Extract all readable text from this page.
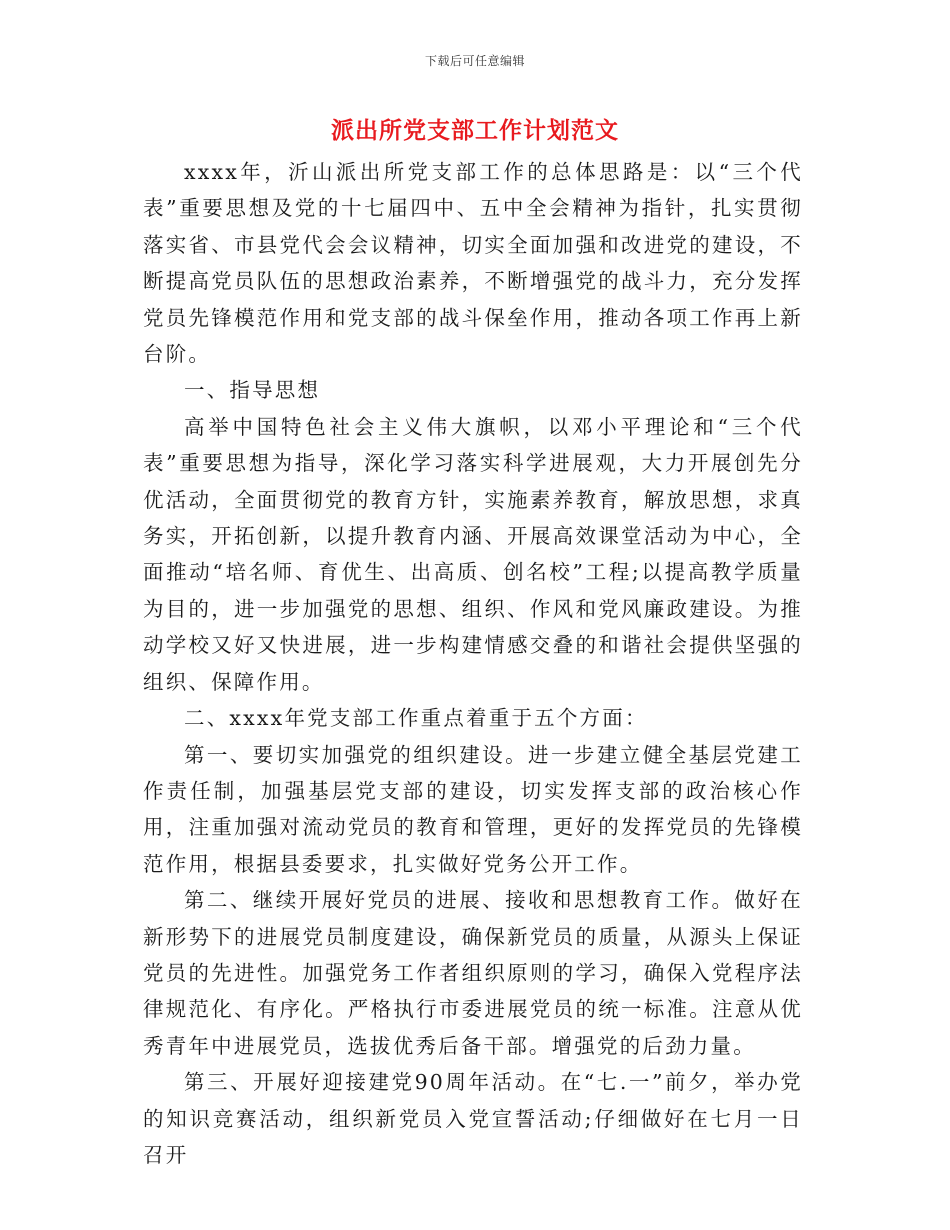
下载后可任意编辑
派出所党支部工作计划范文

xxxx年，沂山派出所党支部工作的总体思路是：以“三个代表”重要思想及党的十七届四中、五中全会精神为指针，扎实贯彻落实省、市县党代会会议精神，切实全面加强和改进党的建设，不断提高党员队伍的思想政治素养，不断增强党的战斗力，充分发挥党员先锋模范作用和党支部的战斗保垒作用，推动各项工作再上新台阶。

一、指导思想

高举中国特色社会主义伟大旗帜，以邓小平理论和“三个代表”重要思想为指导，深化学习落实科学进展观，大力开展创先分优活动，全面贯彻党的教育方针，实施素养教育，解放思想，求真务实，开拓创新，以提升教育内涵、开展高效课堂活动为中心，全面推动“培名师、育优生、出高质、创名校”工程;以提高教学质量为目的，进一步加强党的思想、组织、作风和党风廉政建设。为推动学校又好又快进展，进一步构建情感交叠的和谐社会提供坚强的组织、保障作用。

二、xxxx年党支部工作重点着重于五个方面：

第一、要切实加强党的组织建设。进一步建立健全基层党建工作责任制，加强基层党支部的建设，切实发挥支部的政治核心作用，注重加强对流动党员的教育和管理，更好的发挥党员的先锋模范作用，根据县委要求，扎实做好党务公开工作。

第二、继续开展好党员的进展、接收和思想教育工作。做好在新形势下的进展党员制度建设，确保新党员的质量，从源头上保证党员的先进性。加强党务工作者组织原则的学习，确保入党程序法律规范化、有序化。严格执行市委进展党员的统一标准。注意从优秀青年中进展党员，选拔优秀后备干部。增强党的后劲力量。

第三、开展好迎接建党90周年活动。在“七.一”前夕，举办党的知识竞赛活动，组织新党员入党宣誓活动;仔细做好在七月一日召开
